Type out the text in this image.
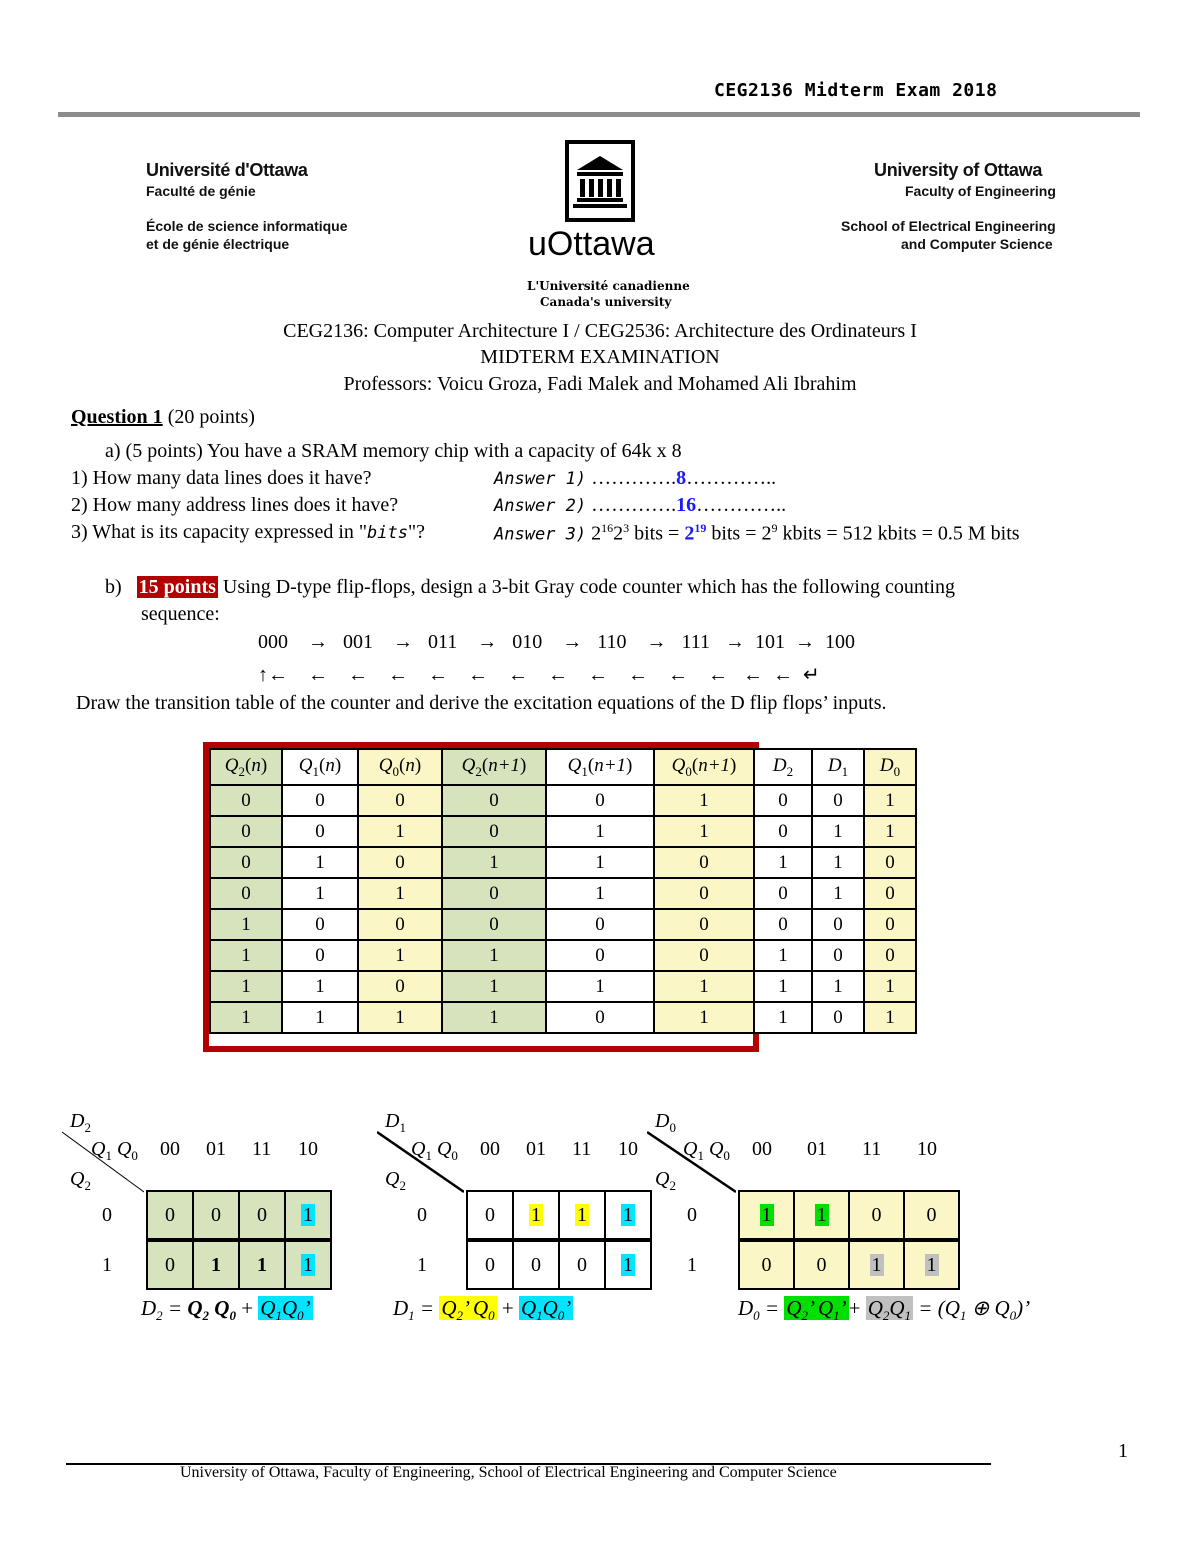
CEG2136 Midterm Exam 2018
Université d'Ottawa
Faculté de génie
École de science informatique
et de génie électrique	uOttawa
L'Université canadienne
Canada's university
University of Ottawa
Faculty of Engineering
School of Electrical Engineering
and Computer Science
CEG2136: Computer Architecture I / CEG2536: Architecture des Ordinateurs I
MIDTERM EXAMINATION
Professors: Voicu Groza, Fadi Malek and Mohamed Ali Ibrahim
Question 1 (20 points)
a) (5 points) You have a SRAM memory chip with a capacity of 64k x 8
1) How many data lines does it have?	Answer 1) ………….8…………..
2) How many address lines does it have?	Answer 2) ………….16…………..
3) What is its capacity expressed in "bits"?	Answer 3) $2^{16}2^3$ bits = $2^{19}$ bits = $2^9$ kbits = 512 kbits = 0.5 M bits
b) 15 points Using D-type flip-flops, design a 3-bit Gray code counter which has the following counting
sequence:
000    →   001    →   011    →   010    →   110    →   111   →  101  →  100
↑←    ←    ←    ←    ←    ←    ←    ←    ←    ←    ←    ←   ←  ←  ↵
Draw the transition table of the counter and derive the excitation equations of the D flip flops’ inputs.
$Q_2(n)$	$Q_1(n)$	$Q_0(n)$	$Q_2(n+1)$	$Q_1(n+1)$	$Q_0(n+1)$	$D_2$	$D_1$	$D_0$
0	0	0	0	0	1	0	0	1
0	0	1	0	1	1	0	1	1
0	1	0	1	1	0	1	1	0
0	1	1	0	1	0	0	1	0
1	0	0	0	0	0	0	0	0
1	0	1	1	0	0	1	0	0
1	1	0	1	1	1	1	1	1
1	1	1	1	0	1	1	0	1
$D_2$
$Q_1$ $Q_0$ 00 01 11 10
$Q_2$
0
1
0	0	0	1
0	1	1	1
$D_2 = Q_2$ $Q_0 + Q_1Q_0$’
$D_1$
$Q_1$ $Q_0$ 00 01 11 10
$Q_2$
0
1
0	1	1	1
0	0	0	1
$D_1 = Q_2$’ $Q_0 + Q_1Q_0$’
$D_0$
$Q_1$ $Q_0$ 00 01 11 10
$Q_2$
0
1
1	1	0	0
0	0	1	1
$D_0 = Q_2$’ $Q_1’+ Q_2Q_1 = (Q_1$ ⊕ $Q_0$)’
1
University of Ottawa, Faculty of Engineering, School of Electrical Engineering and Computer Science
